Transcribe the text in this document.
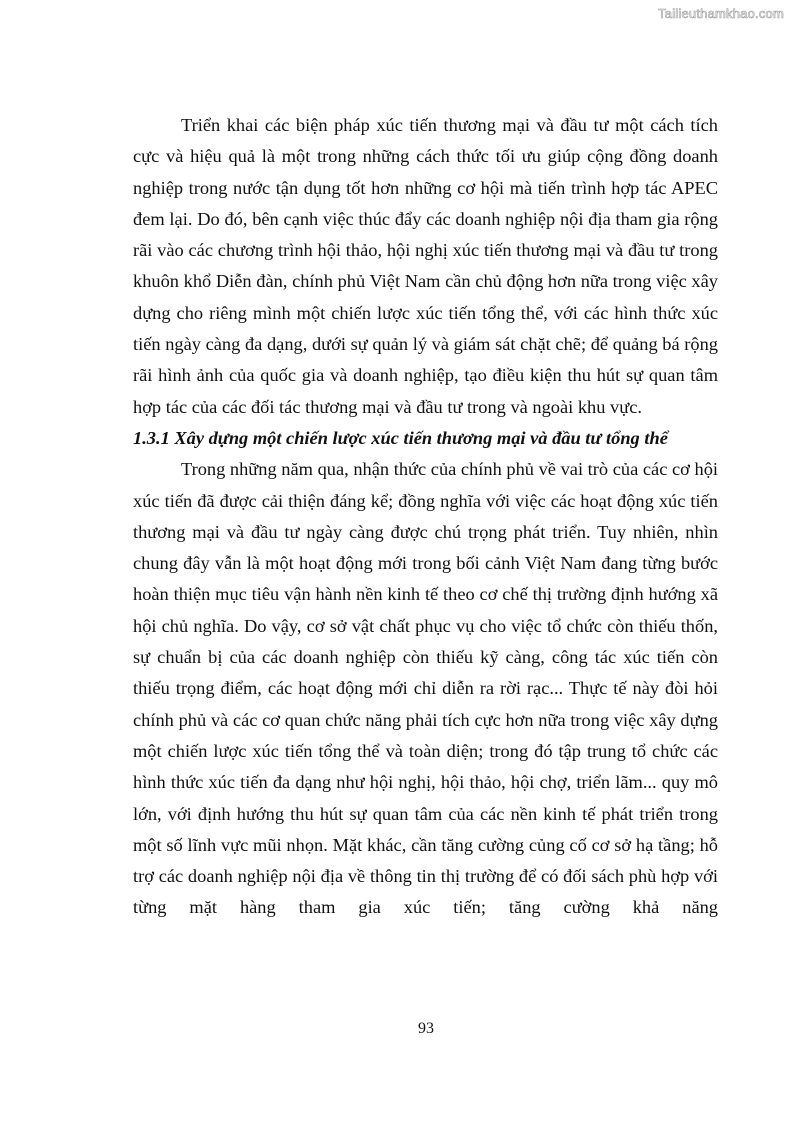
Tailieuthamkhao.com

Triển khai các biện pháp xúc tiến thương mại và đầu tư một cách tích cực và hiệu quả là một trong những cách thức tối ưu giúp cộng đồng doanh nghiệp trong nước tận dụng tốt hơn những cơ hội mà tiến trình hợp tác APEC đem lại. Do đó, bên cạnh việc thúc đẩy các doanh nghiệp nội địa tham gia rộng rãi vào các chương trình hội thảo, hội nghị xúc tiến thương mại và đầu tư trong khuôn khổ Diễn đàn, chính phủ Việt Nam cần chủ động hơn nữa trong việc xây dựng cho riêng mình một chiến lược xúc tiến tổng thể, với các hình thức xúc tiến ngày càng đa dạng, dưới sự quản lý và giám sát chặt chẽ; để quảng bá rộng rãi hình ảnh của quốc gia và doanh nghiệp, tạo điều kiện thu hút sự quan tâm hợp tác của các đối tác thương mại và đầu tư trong và ngoài khu vực.

1.3.1 Xây dựng một chiến lược xúc tiến thương mại và đầu tư tổng thể

Trong những năm qua, nhận thức của chính phủ về vai trò của các cơ hội xúc tiến đã được cải thiện đáng kể; đồng nghĩa với việc các hoạt động xúc tiến thương mại và đầu tư ngày càng được chú trọng phát triển. Tuy nhiên, nhìn chung đây vẫn là một hoạt động mới trong bối cảnh Việt Nam đang từng bước hoàn thiện mục tiêu vận hành nền kinh tế theo cơ chế thị trường định hướng xã hội chủ nghĩa. Do vậy, cơ sở vật chất phục vụ cho việc tổ chức còn thiếu thốn, sự chuẩn bị của các doanh nghiệp còn thiếu kỹ càng, công tác xúc tiến còn thiếu trọng điểm, các hoạt động mới chỉ diễn ra rời rạc... Thực tế này đòi hỏi chính phủ và các cơ quan chức năng phải tích cực hơn nữa trong việc xây dựng một chiến lược xúc tiến tổng thể và toàn diện; trong đó tập trung tổ chức các hình thức xúc tiến đa dạng như hội nghị, hội thảo, hội chợ, triển lãm... quy mô lớn, với định hướng thu hút sự quan tâm của các nền kinh tế phát triển trong một số lĩnh vực mũi nhọn. Mặt khác, cần tăng cường củng cố cơ sở hạ tầng; hỗ trợ các doanh nghiệp nội địa về thông tin thị trường để có đối sách phù hợp với từng mặt hàng tham gia xúc tiến; tăng cường khả năng

93
